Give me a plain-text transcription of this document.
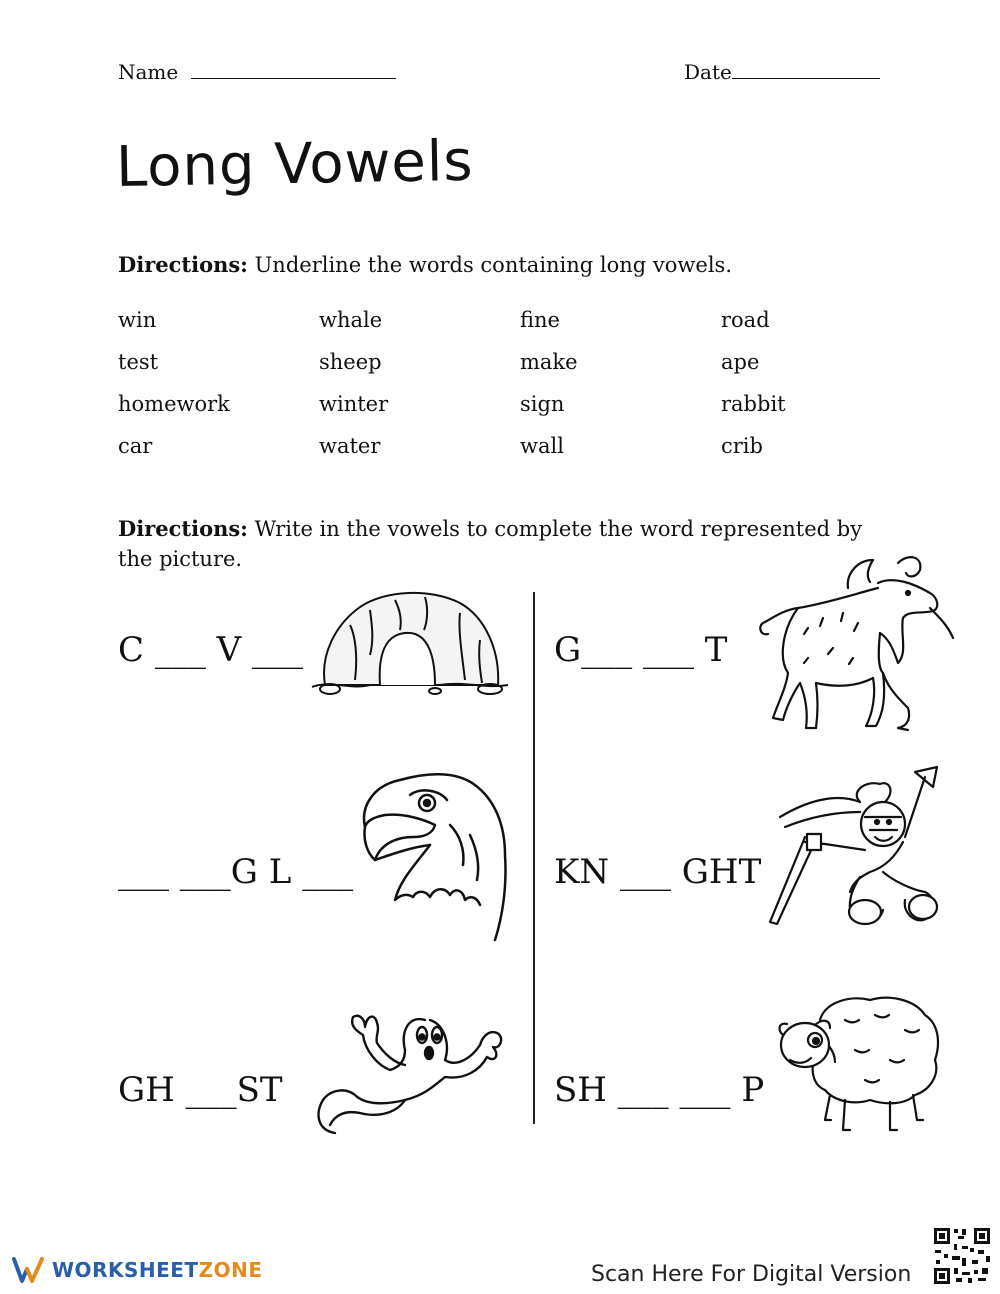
Name	Date
Long Vowels
Directions: Underline the words containing long vowels.
win	whale	fine	road
test	sheep	make	ape
homework	winter	sign	rabbit
car	water	wall	crib
Directions: Write in the vowels to complete the word represented by the picture.
C ___ V ___	G___ ___ T
___ ___G L ___	KN ___ GHT
GH ___ST	SH ___ ___ P
WORKSHEETZONE	Scan Here For Digital Version
